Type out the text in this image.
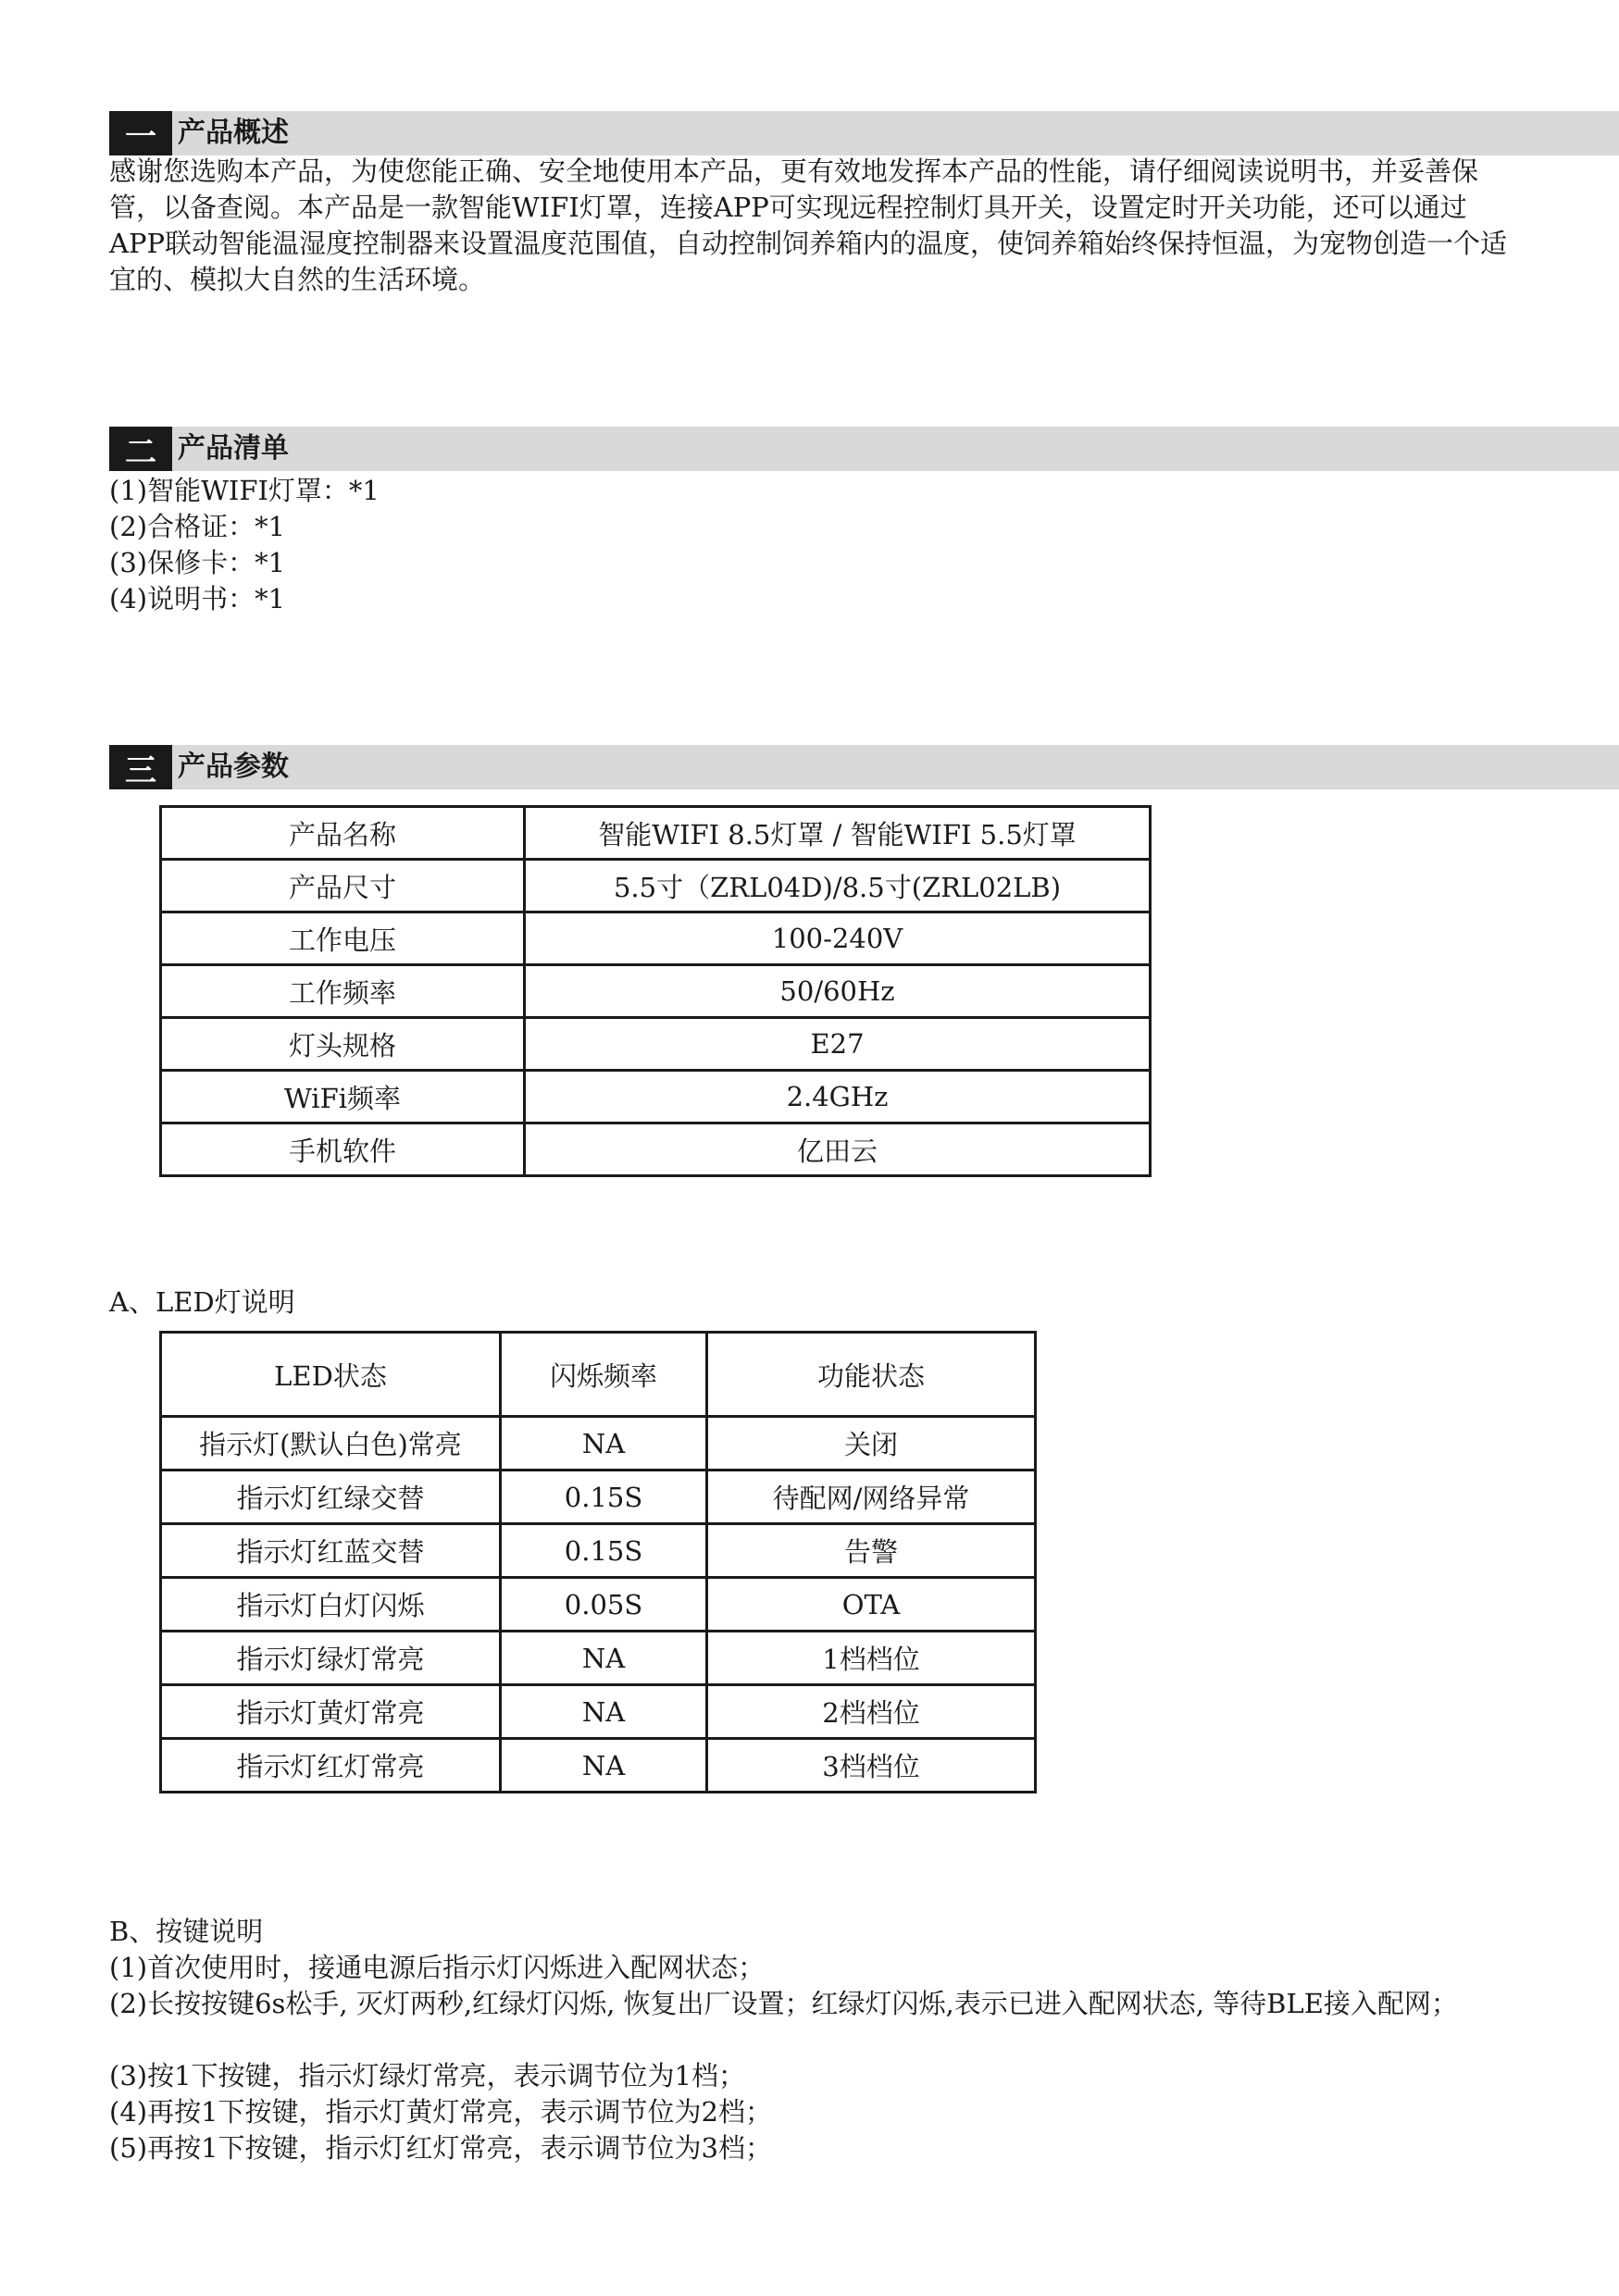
一 产品概述
感谢您选购本产品，为使您能正确、安全地使用本产品，更有效地发挥本产品的性能，请仔细阅读说明书，并妥善保管，以备查阅。本产品是一款智能WIFI灯罩，连接APP可实现远程控制灯具开关，设置定时开关功能，还可以通过APP联动智能温湿度控制器来设置温度范围值，自动控制饲养箱内的温度，使饲养箱始终保持恒温，为宠物创造一个适宜的、模拟大自然的生活环境。
二 产品清单
(1)智能WIFI灯罩：*1
(2)合格证：*1
(3)保修卡：*1
(4)说明书：*1
三 产品参数
产品名称	智能WIFI 8.5灯罩 / 智能WIFI 5.5灯罩
产品尺寸	5.5寸（ZRL04D)/8.5寸(ZRL02LB)
工作电压	100-240V
工作频率	50/60Hz
灯头规格	E27
WiFi频率	2.4GHz
手机软件	亿田云
A、LED灯说明
LED状态	闪烁频率	功能状态
指示灯(默认白色)常亮	NA	关闭
指示灯红绿交替	0.15S	待配网/网络异常
指示灯红蓝交替	0.15S	告警
指示灯白灯闪烁	0.05S	OTA
指示灯绿灯常亮	NA	1档档位
指示灯黄灯常亮	NA	2档档位
指示灯红灯常亮	NA	3档档位
B、按键说明
(1)首次使用时，接通电源后指示灯闪烁进入配网状态；
(2)长按按键6s松手, 灭灯两秒,红绿灯闪烁, 恢复出厂设置；红绿灯闪烁,表示已进入配网状态, 等待BLE接入配网；
(3)按1下按键，指示灯绿灯常亮，表示调节位为1档；
(4)再按1下按键，指示灯黄灯常亮，表示调节位为2档；
(5)再按1下按键，指示灯红灯常亮，表示调节位为3档；
